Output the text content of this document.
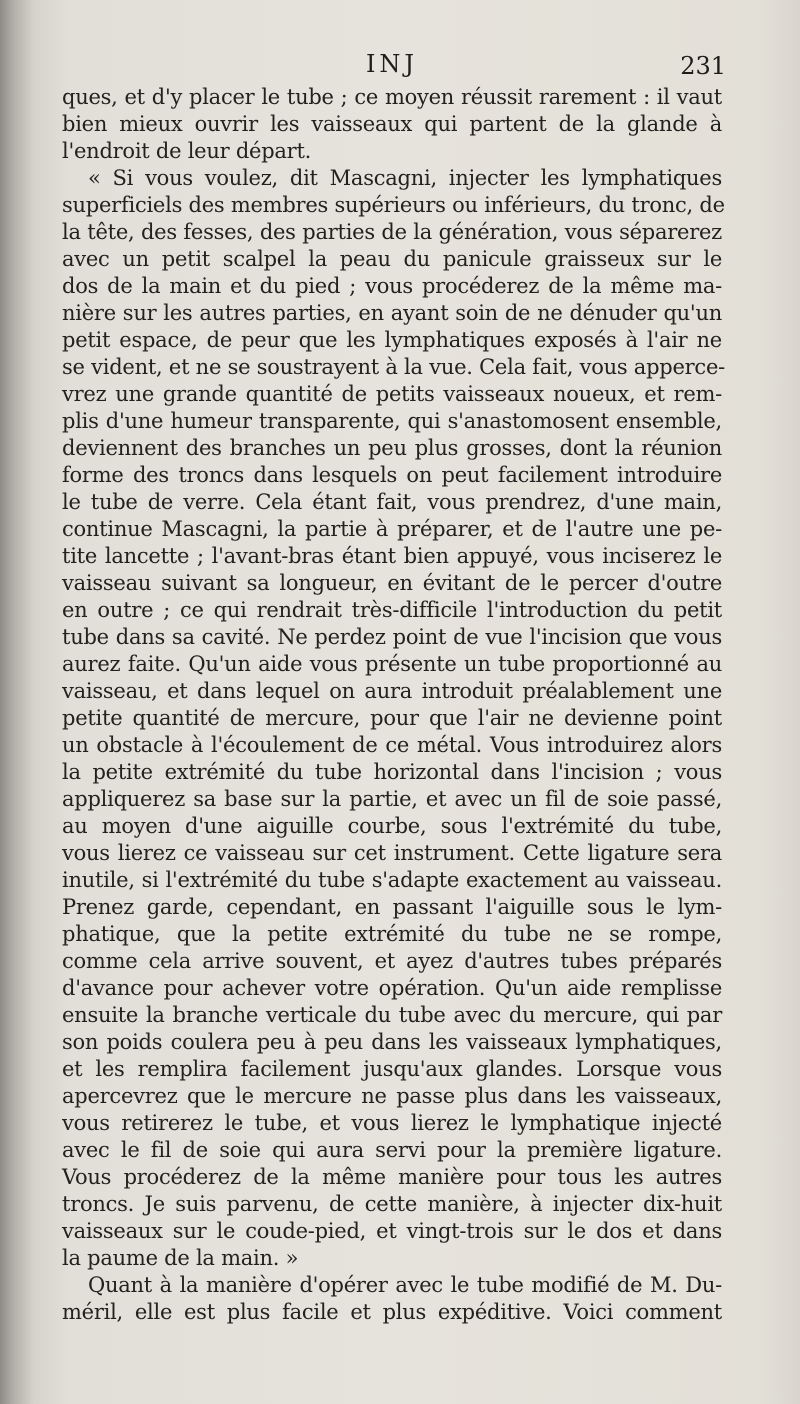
INJ	231
ques, et d'y placer le tube ; ce moyen réussit rarement : il vaut
bien mieux ouvrir les vaisseaux qui partent de la glande à
l'endroit de leur départ.
« Si vous voulez, dit Mascagni, injecter les lymphatiques
superficiels des membres supérieurs ou inférieurs, du tronc, de
la tête, des fesses, des parties de la génération, vous séparerez
avec un petit scalpel la peau du panicule graisseux sur le
dos de la main et du pied ; vous procéderez de la même ma-
nière sur les autres parties, en ayant soin de ne dénuder qu'un
petit espace, de peur que les lymphatiques exposés à l'air ne
se vident, et ne se soustrayent à la vue. Cela fait, vous apperce-
vrez une grande quantité de petits vaisseaux noueux, et rem-
plis d'une humeur transparente, qui s'anastomosent ensemble,
deviennent des branches un peu plus grosses, dont la réunion
forme des troncs dans lesquels on peut facilement introduire
le tube de verre. Cela étant fait, vous prendrez, d'une main,
continue Mascagni, la partie à préparer, et de l'autre une pe-
tite lancette ; l'avant-bras étant bien appuyé, vous inciserez le
vaisseau suivant sa longueur, en évitant de le percer d'outre
en outre ; ce qui rendrait très-difficile l'introduction du petit
tube dans sa cavité. Ne perdez point de vue l'incision que vous
aurez faite. Qu'un aide vous présente un tube proportionné au
vaisseau, et dans lequel on aura introduit préalablement une
petite quantité de mercure, pour que l'air ne devienne point
un obstacle à l'écoulement de ce métal. Vous introduirez alors
la petite extrémité du tube horizontal dans l'incision ; vous
appliquerez sa base sur la partie, et avec un fil de soie passé,
au moyen d'une aiguille courbe, sous l'extrémité du tube,
vous lierez ce vaisseau sur cet instrument. Cette ligature sera
inutile, si l'extrémité du tube s'adapte exactement au vaisseau.
Prenez garde, cependant, en passant l'aiguille sous le lym-
phatique, que la petite extrémité du tube ne se rompe,
comme cela arrive souvent, et ayez d'autres tubes préparés
d'avance pour achever votre opération. Qu'un aide remplisse
ensuite la branche verticale du tube avec du mercure, qui par
son poids coulera peu à peu dans les vaisseaux lymphatiques,
et les remplira facilement jusqu'aux glandes. Lorsque vous
apercevrez que le mercure ne passe plus dans les vaisseaux,
vous retirerez le tube, et vous lierez le lymphatique injecté
avec le fil de soie qui aura servi pour la première ligature.
Vous procéderez de la même manière pour tous les autres
troncs. Je suis parvenu, de cette manière, à injecter dix-huit
vaisseaux sur le coude-pied, et vingt-trois sur le dos et dans
la paume de la main. »
Quant à la manière d'opérer avec le tube modifié de M. Du-
méril, elle est plus facile et plus expéditive. Voici comment
